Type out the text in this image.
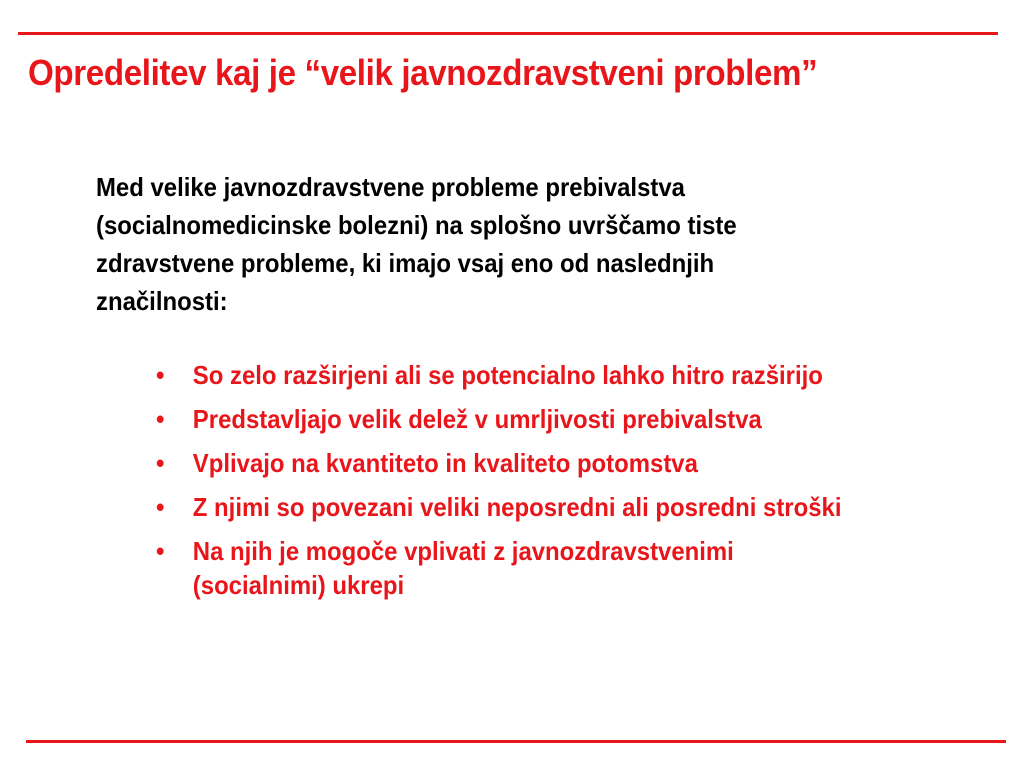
Opredelitev kaj je “velik javnozdravstveni problem”

Med velike javnozdravstvene probleme prebivalstva (socialnomedicinske bolezni) na splošno uvrščamo tiste zdravstvene probleme, ki imajo vsaj eno od naslednjih značilnosti:

• So zelo razširjeni ali se potencialno lahko hitro razširijo
• Predstavljajo velik delež v umrljivosti prebivalstva
• Vplivajo na kvantiteto in kvaliteto potomstva
• Z njimi so povezani veliki neposredni ali posredni stroški
• Na njih je mogoče vplivati z javnozdravstvenimi (socialnimi) ukrepi
